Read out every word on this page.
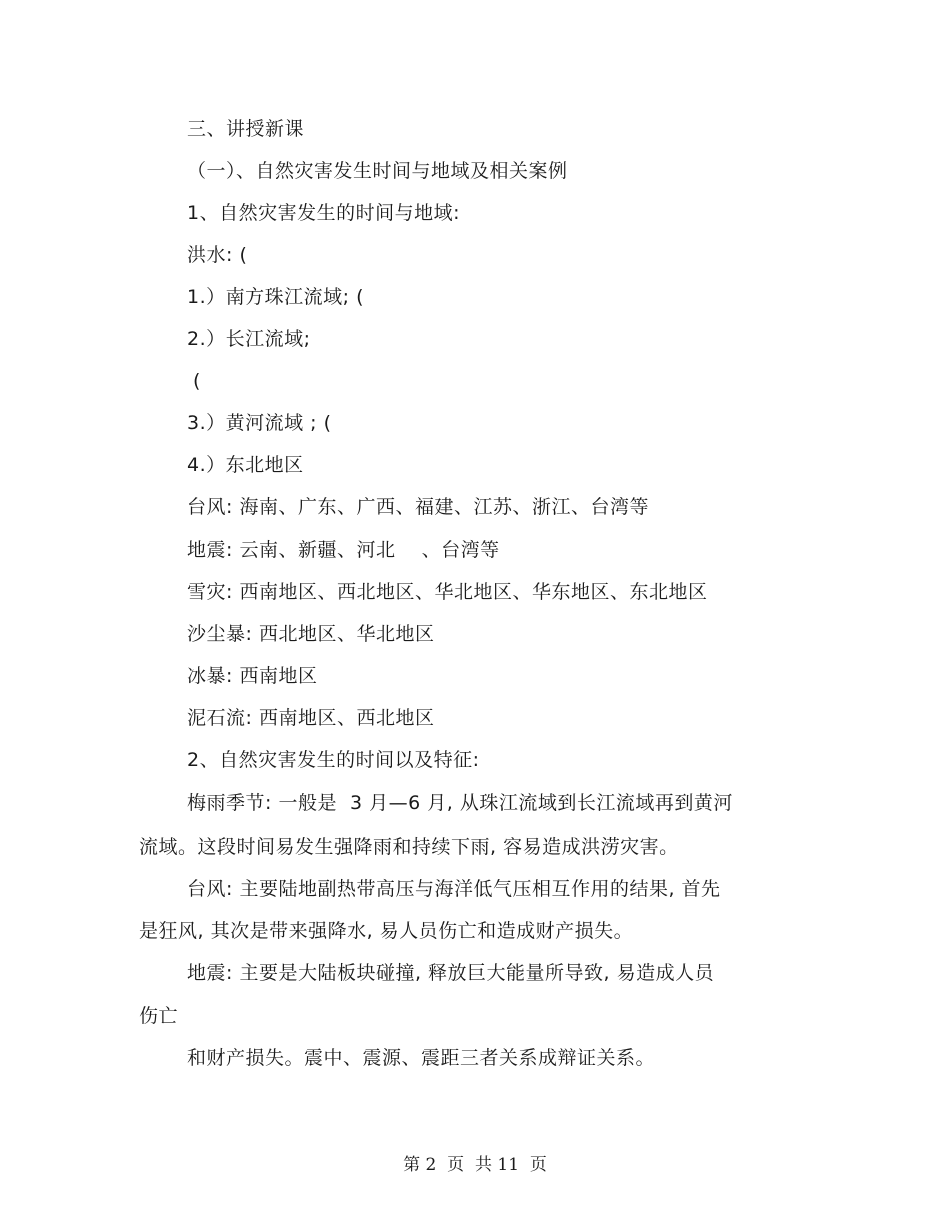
三、讲授新课
（一）、自然灾害发生时间与地域及相关案例
1、自然灾害发生的时间与地域:
洪水: (
1.）南方珠江流域; (
2.）长江流域;
(
3.）黄河流域 ; (
4.）东北地区
台风: 海南、广东、广西、福建、江苏、浙江、台湾等
地震: 云南、新疆、河北    、台湾等
雪灾: 西南地区、西北地区、华北地区、华东地区、东北地区
沙尘暴: 西北地区、华北地区
冰暴: 西南地区
泥石流: 西南地区、西北地区
2、自然灾害发生的时间以及特征:
梅雨季节: 一般是  3 月—6 月, 从珠江流域到长江流域再到黄河
流域。这段时间易发生强降雨和持续下雨, 容易造成洪涝灾害。
台风: 主要陆地副热带高压与海洋低气压相互作用的结果, 首先
是狂风, 其次是带来强降水, 易人员伤亡和造成财产损失。
地震: 主要是大陆板块碰撞, 释放巨大能量所导致, 易造成人员
伤亡
和财产损失。震中、震源、震距三者关系成辩证关系。
第 2  页  共 11  页
